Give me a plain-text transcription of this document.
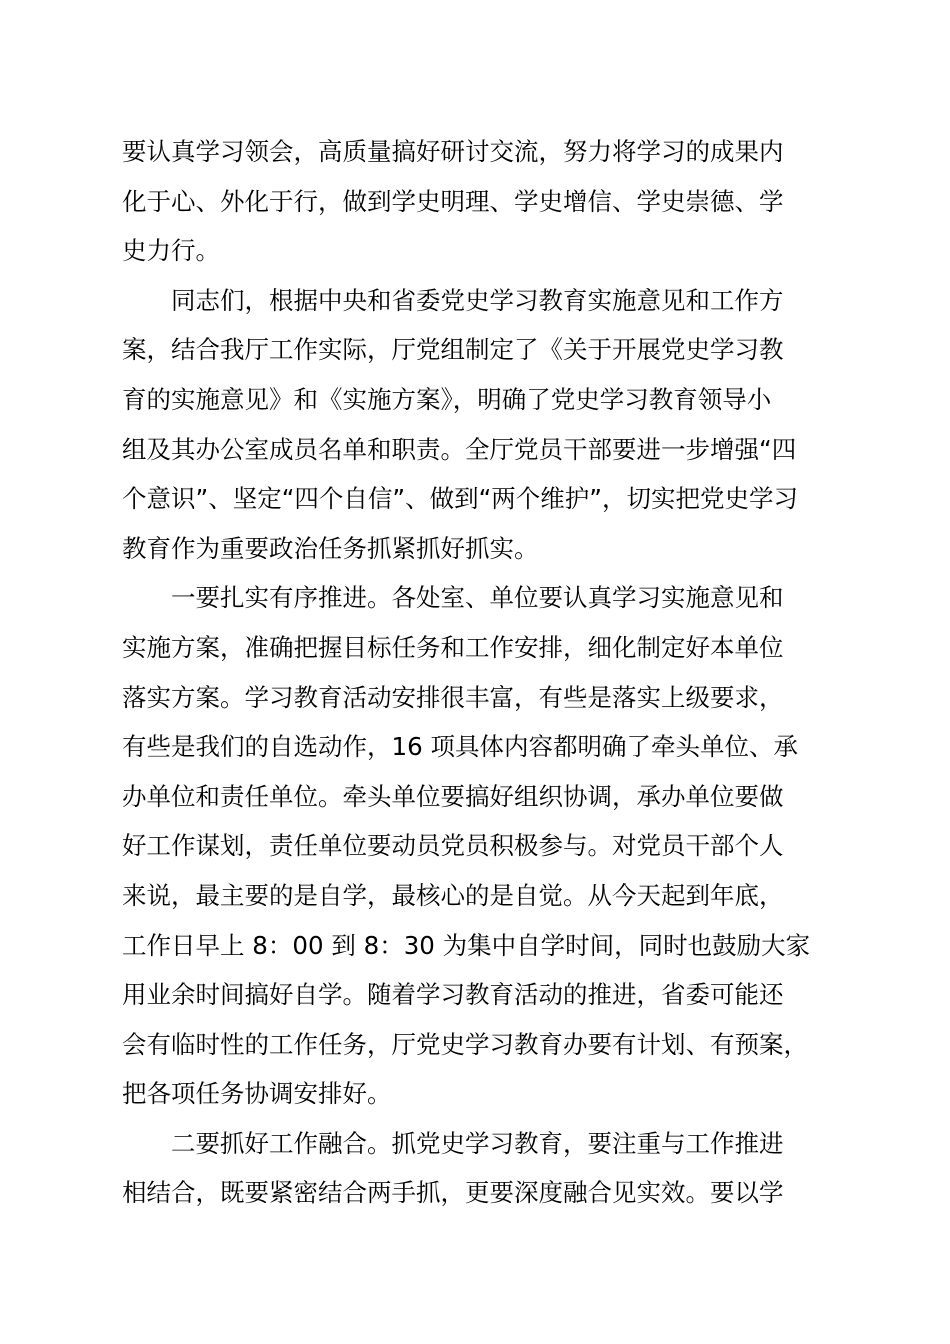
要认真学习领会，高质量搞好研讨交流，努力将学习的成果内
化于心、外化于行，做到学史明理、学史增信、学史崇德、学
史力行。
同志们，根据中央和省委党史学习教育实施意见和工作方
案，结合我厅工作实际，厅党组制定了《关于开展党史学习教
育的实施意见》和《实施方案》，明确了党史学习教育领导小
组及其办公室成员名单和职责。全厅党员干部要进一步增强“四
个意识”、坚定“四个自信”、做到“两个维护”，切实把党史学习
教育作为重要政治任务抓紧抓好抓实。
一要扎实有序推进。各处室、单位要认真学习实施意见和
实施方案，准确把握目标任务和工作安排，细化制定好本单位
落实方案。学习教育活动安排很丰富，有些是落实上级要求，
有些是我们的自选动作，16 项具体内容都明确了牵头单位、承
办单位和责任单位。牵头单位要搞好组织协调，承办单位要做
好工作谋划，责任单位要动员党员积极参与。对党员干部个人
来说，最主要的是自学，最核心的是自觉。从今天起到年底，
工作日早上 8：00 到 8：30 为集中自学时间，同时也鼓励大家
用业余时间搞好自学。随着学习教育活动的推进，省委可能还
会有临时性的工作任务，厅党史学习教育办要有计划、有预案，
把各项任务协调安排好。
二要抓好工作融合。抓党史学习教育，要注重与工作推进
相结合，既要紧密结合两手抓，更要深度融合见实效。要以学
